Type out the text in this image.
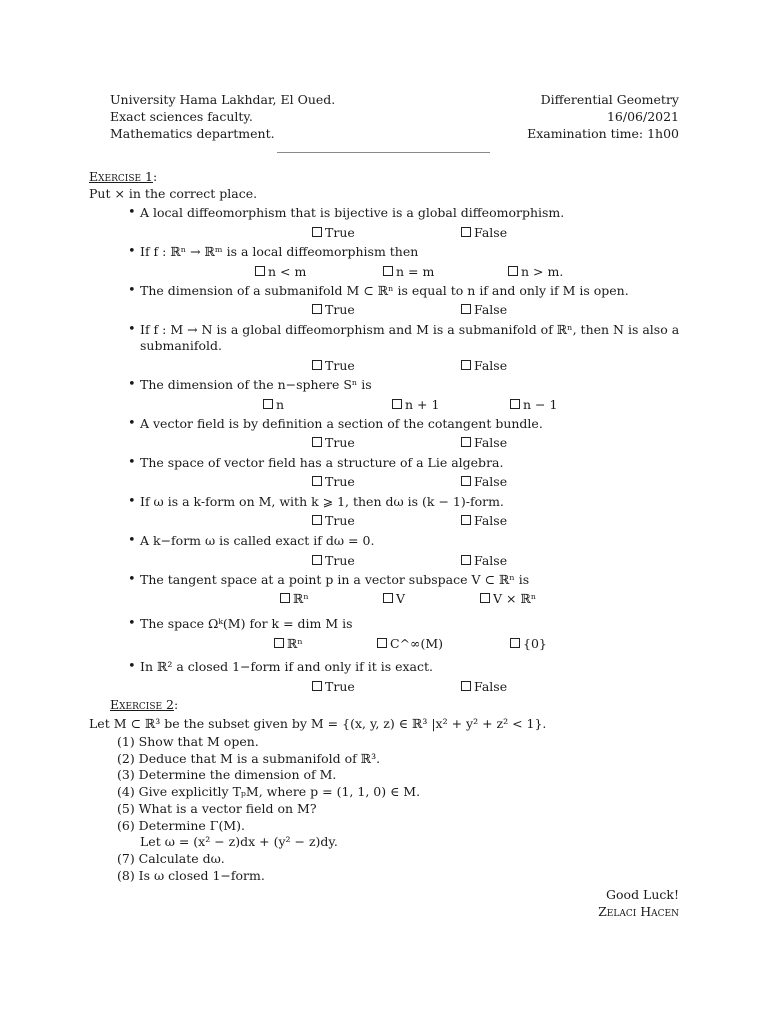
University Hama Lakhdar, El Oued.
Exact sciences faculty.
Mathematics department.
Differential Geometry
16/06/2021
Examination time: 1h00
Exercise 1:
Put × in the correct place.
• A local diffeomorphism that is bijective is a global diffeomorphism.
True	False
• If f : ℝⁿ → ℝᵐ is a local diffeomorphism then
n < m	n = m	n > m.
• The dimension of a submanifold M ⊂ ℝⁿ is equal to n if and only if M is open.
True	False
• If f : M → N is a global diffeomorphism and M is a submanifold of ℝⁿ, then N is also a submanifold.
True	False
• The dimension of the n−sphere Sⁿ is
n	n + 1	n − 1
• A vector field is by definition a section of the cotangent bundle.
True	False
• The space of vector field has a structure of a Lie algebra.
True	False
• If ω is a k-form on M, with k ⩾ 1, then dω is (k − 1)-form.
True	False
• A k−form ω is called exact if dω = 0.
True	False
• The tangent space at a point p in a vector subspace V ⊂ ℝⁿ is
ℝⁿ	V	V × ℝⁿ
• The space Ωᵏ(M) for k = dim M is
ℝⁿ	C^∞(M)	{0}
• In ℝ² a closed 1−form if and only if it is exact.
True	False
Exercise 2:
Let M ⊂ ℝ³ be the subset given by M = {(x, y, z) ∈ ℝ³ |x² + y² + z² < 1}.
(1) Show that M open.
(2) Deduce that M is a submanifold of ℝ³.
(3) Determine the dimension of M.
(4) Give explicitly TₚM, where p = (1, 1, 0) ∈ M.
(5) What is a vector field on M?
(6) Determine Γ(M).
Let ω = (x² − z)dx + (y² − z)dy.
(7) Calculate dω.
(8) Is ω closed 1−form.
Good Luck!
Zelaci Hacen
